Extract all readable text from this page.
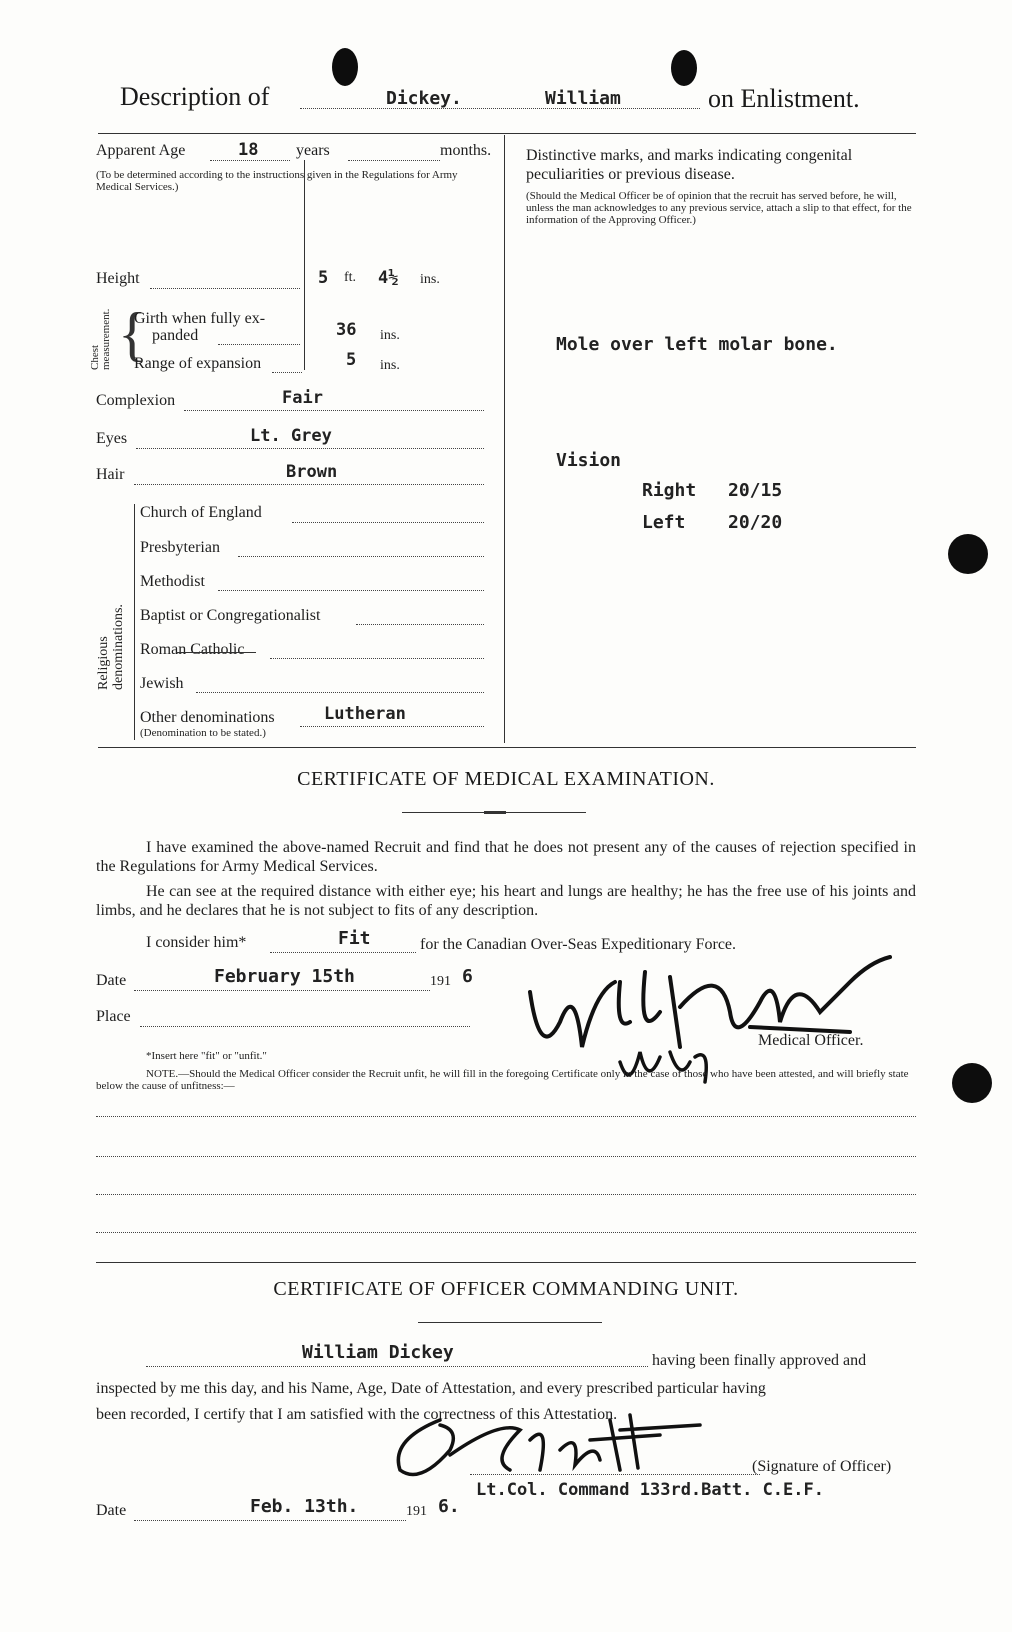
Description of	Dickey.	William	on Enlistment.
Apparent Age	18 years	months.
(To be determined according to the instructions given in the Regulations for Army Medical Services.)
Height	5 ft. 4½ ins.
Chest measurement. {
Girth when fully ex-
panded	36 ins.
Range of expansion	5 ins.
Complexion	Fair
Eyes	Lt. Grey
Hair	Brown
Religious denominations.
Church of England
Presbyterian
Methodist
Baptist or Congregationalist
Roman Catholic
Jewish
Other denominations	Lutheran
(Denomination to be stated.)
Distinctive marks, and marks indicating congenital peculiarities or previous disease.
(Should the Medical Officer be of opinion that the recruit has served before, he will, unless the man acknowledges to any previous service, attach a slip to that effect, for the information of the Approving Officer.)
Mole over left molar bone.
Vision
Right 20/15
Left 20/20
CERTIFICATE OF MEDICAL EXAMINATION.
I have examined the above-named Recruit and find that he does not present any of the causes of rejection specified in the Regulations for Army Medical Services.
He can see at the required distance with either eye; his heart and lungs are healthy; he has the free use of his joints and limbs, and he declares that he is not subject to fits of any description.
I consider him*	Fit	for the Canadian Over-Seas Expeditionary Force.
Date	February 15th	191 6
Place
Medical Officer.
*Insert here "fit" or "unfit."
NOTE.—Should the Medical Officer consider the Recruit unfit, he will fill in the foregoing Certificate only in the case of those who have been attested, and will briefly state below the cause of unfitness:—
CERTIFICATE OF OFFICER COMMANDING UNIT.
William Dickey	having been finally approved and
inspected by me this day, and his Name, Age, Date of Attestation, and every prescribed particular having
been recorded, I certify that I am satisfied with the correctness of this Attestation.
(Signature of Officer)
Lt.Col. Command 133rd.Batt. C.E.F.
Date	Feb. 13th.	191 6.
